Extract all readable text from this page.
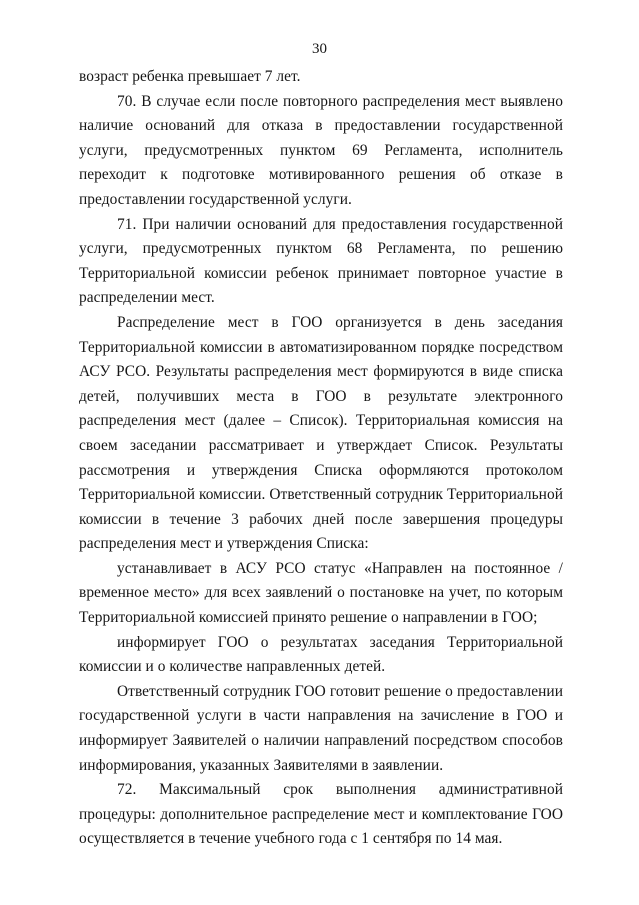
30

возраст ребенка превышает 7 лет.

70. В случае если после повторного распределения мест выявлено наличие оснований для отказа в предоставлении государственной услуги, предусмотренных пунктом 69 Регламента, исполнитель переходит к подготовке мотивированного решения об отказе в предоставлении государственной услуги.

71. При наличии оснований для предоставления государственной услуги, предусмотренных пунктом 68 Регламента, по решению Территориальной комиссии ребенок принимает повторное участие в распределении мест.

Распределение мест в ГОО организуется в день заседания Территориальной комиссии в автоматизированном порядке посредством АСУ РСО. Результаты распределения мест формируются в виде списка детей, получивших места в ГОО в результате электронного распределения мест (далее – Список). Территориальная комиссия на своем заседании рассматривает и утверждает Список. Результаты рассмотрения и утверждения Списка оформляются протоколом Территориальной комиссии. Ответственный сотрудник Территориальной комиссии в течение 3 рабочих дней после завершения процедуры распределения мест и утверждения Списка:

устанавливает в АСУ РСО статус «Направлен на постоянное / временное место» для всех заявлений о постановке на учет, по которым Территориальной комиссией принято решение о направлении в ГОО;

информирует ГОО о результатах заседания Территориальной комиссии и о количестве направленных детей.

Ответственный сотрудник ГОО готовит решение о предоставлении государственной услуги в части направления на зачисление в ГОО и информирует Заявителей о наличии направлений посредством способов информирования, указанных Заявителями в заявлении.

72. Максимальный срок выполнения административной процедуры: дополнительное распределение мест и комплектование ГОО осуществляется в течение учебного года с 1 сентября по 14 мая.
